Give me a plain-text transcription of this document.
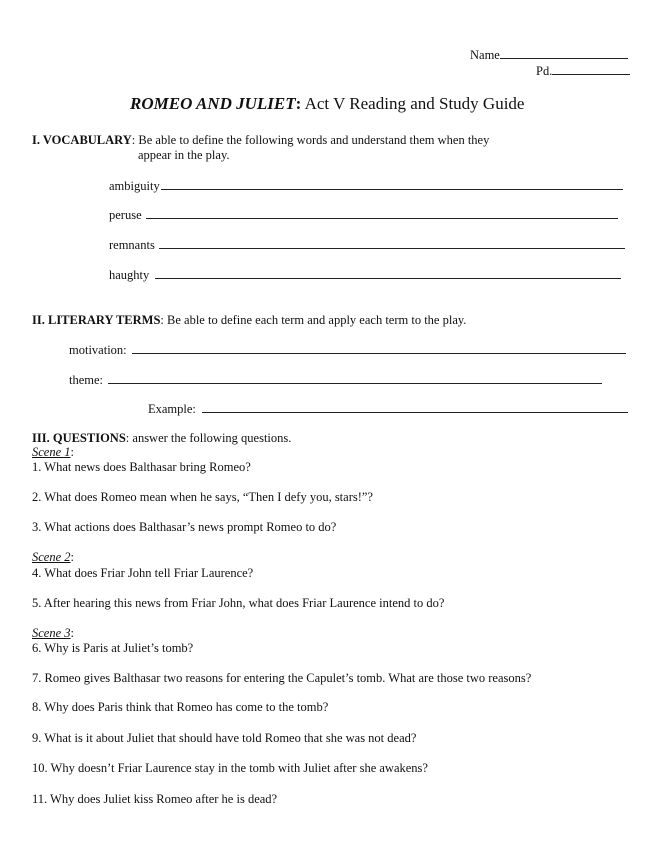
Name
Pd.
ROMEO AND JULIET: Act V Reading and Study Guide
I. VOCABULARY: Be able to define the following words and understand them when they
appear in the play.
ambiguity
peruse
remnants
haughty
II. LITERARY TERMS: Be able to define each term and apply each term to the play.
motivation:
theme:
Example:
III. QUESTIONS: answer the following questions.
Scene 1:
1. What news does Balthasar bring Romeo?
2. What does Romeo mean when he says, “Then I defy you, stars!”?
3. What actions does Balthasar’s news prompt Romeo to do?
Scene 2:
4. What does Friar John tell Friar Laurence?
5. After hearing this news from Friar John, what does Friar Laurence intend to do?
Scene 3:
6. Why is Paris at Juliet’s tomb?
7. Romeo gives Balthasar two reasons for entering the Capulet’s tomb. What are those two reasons?
8. Why does Paris think that Romeo has come to the tomb?
9. What is it about Juliet that should have told Romeo that she was not dead?
10. Why doesn’t Friar Laurence stay in the tomb with Juliet after she awakens?
11. Why does Juliet kiss Romeo after he is dead?
